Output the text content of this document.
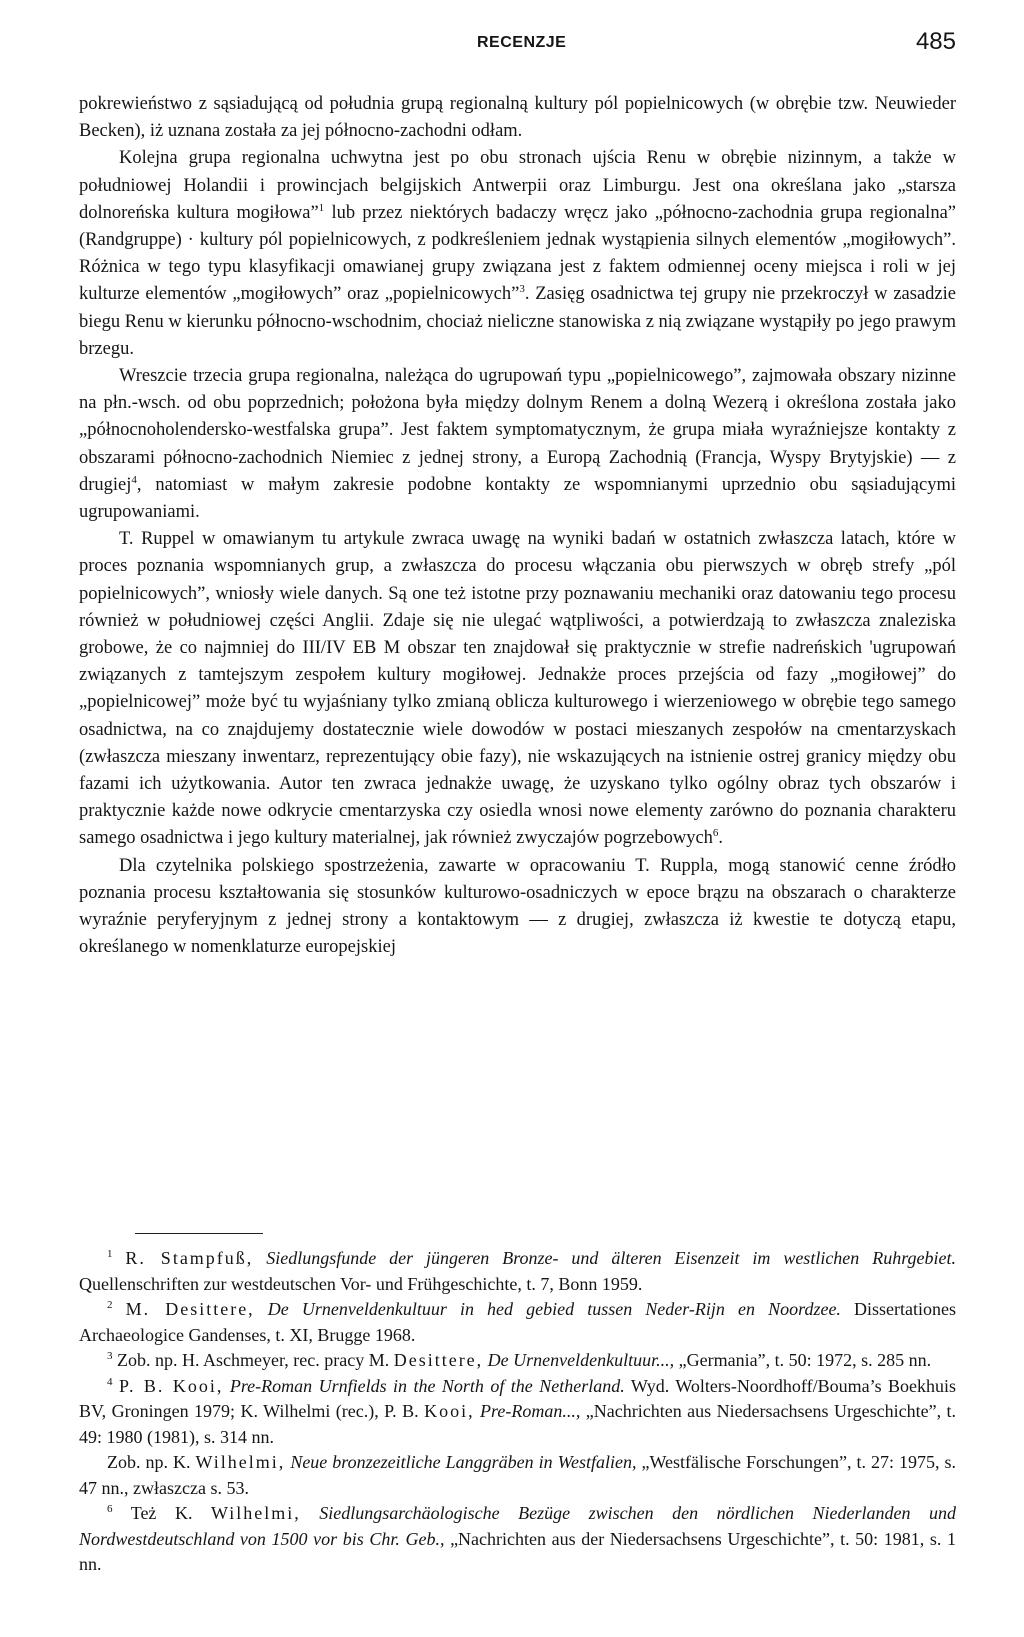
RECENZJE	485

pokrewieństwo z sąsiadującą od południa grupą regionalną kultury pól popielnicowych (w obrębie tzw. Neuwieder Becken), iż uznana została za jej północno-zachodni odłam.

Kolejna grupa regionalna uchwytna jest po obu stronach ujścia Renu w obrębie nizinnym, a także w południowej Holandii i prowincjach belgijskich Antwerpii oraz Limburgu. Jest ona określana jako „starsza dolnoreńska kultura mogiłowa”$^1$ lub przez niektórych badaczy wręcz jako „północno-zachodnia grupa regionalna” (Randgruppe) · kultury pól popielnicowych, z podkreśleniem jednak wystąpienia silnych elementów „mogiłowych”. Różnica w tego typu klasyfikacji omawianej grupy związana jest z faktem odmiennej oceny miejsca i roli w jej kulturze elementów „mogiłowych” oraz „popielnicowych”$^3$. Zasięg osadnictwa tej grupy nie przekroczył w zasadzie biegu Renu w kierunku północno-wschodnim, chociaż nieliczne stanowiska z nią związane wystąpiły po jego prawym brzegu.

Wreszcie trzecia grupa regionalna, należąca do ugrupowań typu „popielnicowego”, zajmowała obszary nizinne na płn.-wsch. od obu poprzednich; położona była między dolnym Renem a dolną Wezerą i określona została jako „północnoholendersko-westfalska grupa”. Jest faktem symptomatycznym, że grupa miała wyraźniejsze kontakty z obszarami północno-zachodnich Niemiec z jednej strony, a Europą Zachodnią (Francja, Wyspy Brytyjskie) — z drugiej$^4$, natomiast w małym zakresie podobne kontakty ze wspomnianymi uprzednio obu sąsiadującymi ugrupowaniami.

T. Ruppel w omawianym tu artykule zwraca uwagę na wyniki badań w ostatnich zwłaszcza latach, które w proces poznania wspomnianych grup, a zwłaszcza do procesu włączania obu pierwszych w obręb strefy „pól popielnicowych”, wniosły wiele danych. Są one też istotne przy poznawaniu mechaniki oraz datowaniu tego procesu również w południowej części Anglii. Zdaje się nie ulegać wątpliwości, a potwierdzają to zwłaszcza znaleziska grobowe, że co najmniej do III/IV EB M obszar ten znajdował się praktycznie w strefie nadreńskich 'ugrupowań związanych z tamtejszym zespołem kultury mogiłowej. Jednakże proces przejścia od fazy „mogiłowej” do „popielnicowej” może być tu wyjaśniany tylko zmianą oblicza kulturowego i wierzeniowego w obrębie tego samego osadnictwa, na co znajdujemy dostatecznie wiele dowodów w postaci mieszanych zespołów na cmentarzyskach (zwłaszcza mieszany inwentarz, reprezentujący obie fazy), nie wskazujących na istnienie ostrej granicy między obu fazami ich użytkowania. Autor ten zwraca jednakże uwagę, że uzyskano tylko ogólny obraz tych obszarów i praktycznie każde nowe odkrycie cmentarzyska czy osiedla wnosi nowe elementy zarówno do poznania charakteru samego osadnictwa i jego kultury materialnej, jak również zwyczajów pogrzebowych$^6$.

Dla czytelnika polskiego spostrzeżenia, zawarte w opracowaniu T. Ruppla, mogą stanowić cenne źródło poznania procesu kształtowania się stosunków kulturowo-osadniczych w epoce brązu na obszarach o charakterze wyraźnie peryferyjnym z jednej strony a kontaktowym — z drugiej, zwłaszcza iż kwestie te dotyczą etapu, określanego w nomenklaturze europejskiej

$^1$ R. Stampfuß, Siedlungsfunde der jüngeren Bronze- und älteren Eisenzeit im westlichen Ruhrgebiet. Quellenschriften zur westdeutschen Vor- und Frühgeschichte, t. 7, Bonn 1959.

$^2$ M. Desittere, De Urnenveldenkultuur in hed gebied tussen Neder-Rijn en Noordzee. Dissertationes Archaeologice Gandenses, t. XI, Brugge 1968.

$^3$ Zob. np. H. Aschmeyer, rec. pracy M. Desittere, De Urnenveldenkultuur..., „Germania”, t. 50: 1972, s. 285 nn.

$^4$ P. B. Kooi, Pre-Roman Urnfields in the North of the Netherland. Wyd. Wolters-Noordhoff/Bouma’s Boekhuis BV, Groningen 1979; K. Wilhelmi (rec.), P. B. Kooi, Pre-Roman..., „Nachrichten aus Niedersachsens Urgeschichte”, t. 49: 1980 (1981), s. 314 nn.

Zob. np. K. Wilhelmi, Neue bronzezeitliche Langgräben in Westfalien, „Westfälische Forschungen”, t. 27: 1975, s. 47 nn., zwłaszcza s. 53.

$^6$ Też K. Wilhelmi, Siedlungsarchäologische Bezüge zwischen den nördlichen Niederlanden und Nordwestdeutschland von 1500 vor bis Chr. Geb., „Nachrichten aus der Niedersachsens Urgeschichte”, t. 50: 1981, s. 1 nn.
